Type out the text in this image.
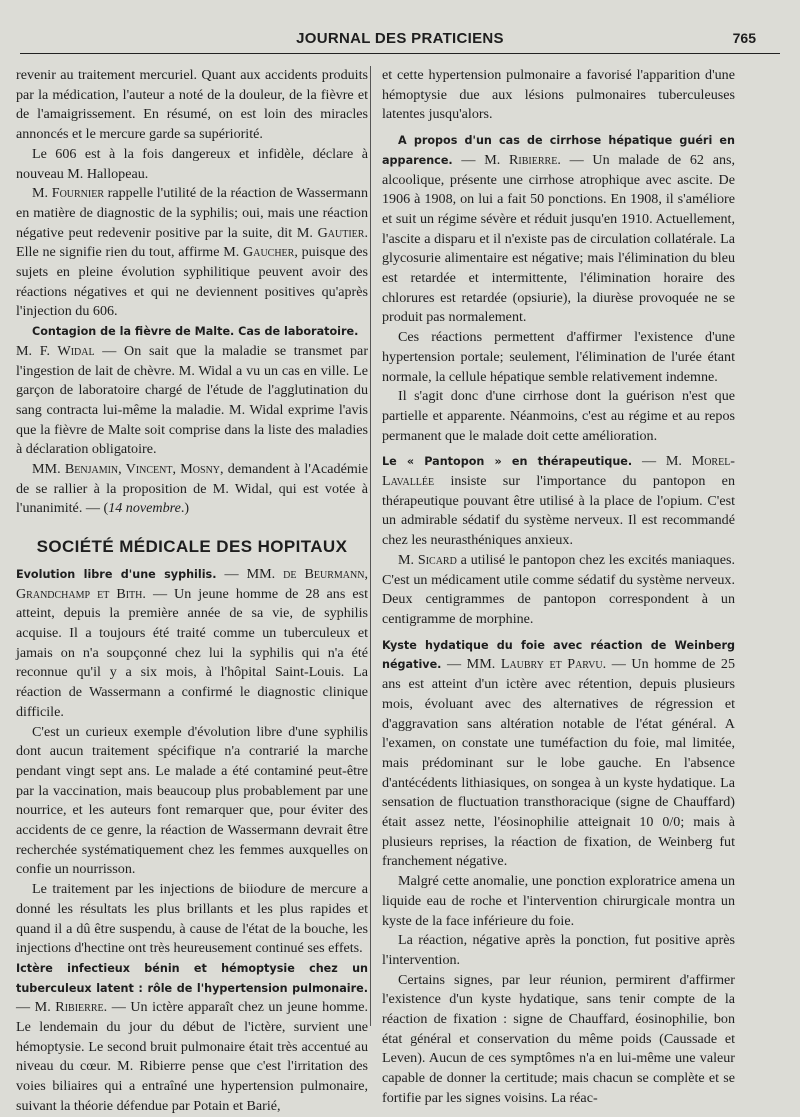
JOURNAL DES PRATICIENS	765

revenir au traitement mercuriel. Quant aux accidents produits par la médication, l'auteur a noté de la douleur, de la fièvre et de l'amaigrissement. En résumé, on est loin des miracles annoncés et le mercure garde sa supériorité.

Le 606 est à la fois dangereux et infidèle, déclare à nouveau M. Hallopeau.

M. Fournier rappelle l'utilité de la réaction de Wassermann en matière de diagnostic de la syphilis; oui, mais une réaction négative peut redevenir positive par la suite, dit M. Gautier. Elle ne signifie rien du tout, affirme M. Gaucher, puisque des sujets en pleine évolution syphilitique peuvent avoir des réactions négatives et qui ne deviennent positives qu'après l'injection du 606.

Contagion de la fièvre de Malte. Cas de laboratoire.
M. F. Widal — On sait que la maladie se transmet par l'ingestion de lait de chèvre. M. Widal a vu un cas en ville. Le garçon de laboratoire chargé de l'étude de l'agglutination du sang contracta lui-même la maladie. M. Widal exprime l'avis que la fièvre de Malte soit comprise dans la liste des maladies à déclaration obligatoire.

MM. Benjamin, Vincent, Mosny, demandent à l'Académie de se rallier à la proposition de M. Widal, qui est votée à l'unanimité. — (14 novembre.)

SOCIÉTÉ MÉDICALE DES HOPITAUX

Evolution libre d'une syphilis. — MM. de Beurmann, Grandchamp et Bith. — Un jeune homme de 28 ans est atteint, depuis la première année de sa vie, de syphilis acquise. Il a toujours été traité comme un tuberculeux et jamais on n'a soupçonné chez lui la syphilis qui n'a été reconnue qu'il y a six mois, à l'hôpital Saint-Louis. La réaction de Wassermann a confirmé le diagnostic clinique difficile.

C'est un curieux exemple d'évolution libre d'une syphilis dont aucun traitement spécifique n'a contrarié la marche pendant vingt sept ans. Le malade a été contaminé peut-être par la vaccination, mais beaucoup plus probablement par une nourrice, et les auteurs font remarquer que, pour éviter des accidents de ce genre, la réaction de Wassermann devrait être recherchée systématiquement chez les femmes auxquelles on confie un nourrisson.

Le traitement par les injections de biiodure de mercure a donné les résultats les plus brillants et les plus rapides et quand il a dû être suspendu, à cause de l'état de la bouche, les injections d'hectine ont très heureusement continué ses effets.

Ictère infectieux bénin et hémoptysie chez un tuberculeux latent : rôle de l'hypertension pulmonaire. — M. Ribierre. — Un ictère apparaît chez un jeune homme. Le lendemain du jour du début de l'ictère, survient une hémoptysie. Le second bruit pulmonaire était très accentué au niveau du cœur. M. Ribierre pense que c'est l'irritation des voies biliaires qui a entraîné une hypertension pulmonaire, suivant la théorie défendue par Potain et Barié,

et cette hypertension pulmonaire a favorisé l'apparition d'une hémoptysie due aux lésions pulmonaires tuberculeuses latentes jusqu'alors.

A propos d'un cas de cirrhose hépatique guéri en apparence. — M. Ribierre. — Un malade de 62 ans, alcoolique, présente une cirrhose atrophique avec ascite. De 1906 à 1908, on lui a fait 50 ponctions. En 1908, il s'améliore et suit un régime sévère et réduit jusqu'en 1910. Actuellement, l'ascite a disparu et il n'existe pas de circulation collatérale. La glycosurie alimentaire est négative; mais l'élimination du bleu est retardée et intermittente, l'élimination horaire des chlorures est retardée (opsiurie), la diurèse provoquée ne se produit pas normalement.

Ces réactions permettent d'affirmer l'existence d'une hypertension portale; seulement, l'élimination de l'urée étant normale, la cellule hépatique semble relativement indemne.

Il s'agit donc d'une cirrhose dont la guérison n'est que partielle et apparente. Néanmoins, c'est au régime et au repos permanent que le malade doit cette amélioration.

Le « Pantopon » en thérapeutique. — M. Morel-Lavallée insiste sur l'importance du pantopon en thérapeutique pouvant être utilisé à la place de l'opium. C'est un admirable sédatif du système nerveux. Il est recommandé chez les neurasthéniques anxieux.

M. Sicard a utilisé le pantopon chez les excités maniaques. C'est un médicament utile comme sédatif du système nerveux. Deux centigrammes de pantopon correspondent à un centigramme de morphine.

Kyste hydatique du foie avec réaction de Weinberg négative. — MM. Laubry et Parvu. — Un homme de 25 ans est atteint d'un ictère avec rétention, depuis plusieurs mois, évoluant avec des alternatives de régression et d'aggravation sans altération notable de l'état général. A l'examen, on constate une tuméfaction du foie, mal limitée, mais prédominant sur le lobe gauche. En l'absence d'antécédents lithiasiques, on songea à un kyste hydatique. La sensation de fluctuation transthoracique (signe de Chauffard) était assez nette, l'éosinophilie atteignait 10 0/0; mais à plusieurs reprises, la réaction de fixation, de Weinberg fut franchement négative.

Malgré cette anomalie, une ponction exploratrice amena un liquide eau de roche et l'intervention chirurgicale montra un kyste de la face inférieure du foie.

La réaction, négative après la ponction, fut positive après l'intervention.

Certains signes, par leur réunion, permirent d'affirmer l'existence d'un kyste hydatique, sans tenir compte de la réaction de fixation : signe de Chauffard, éosinophilie, bon état général et conservation du même poids (Caussade et Leven). Aucun de ces symptômes n'a en lui-même une valeur capable de donner la certitude; mais chacun se complète et se fortifie par les signes voisins. La réac-
